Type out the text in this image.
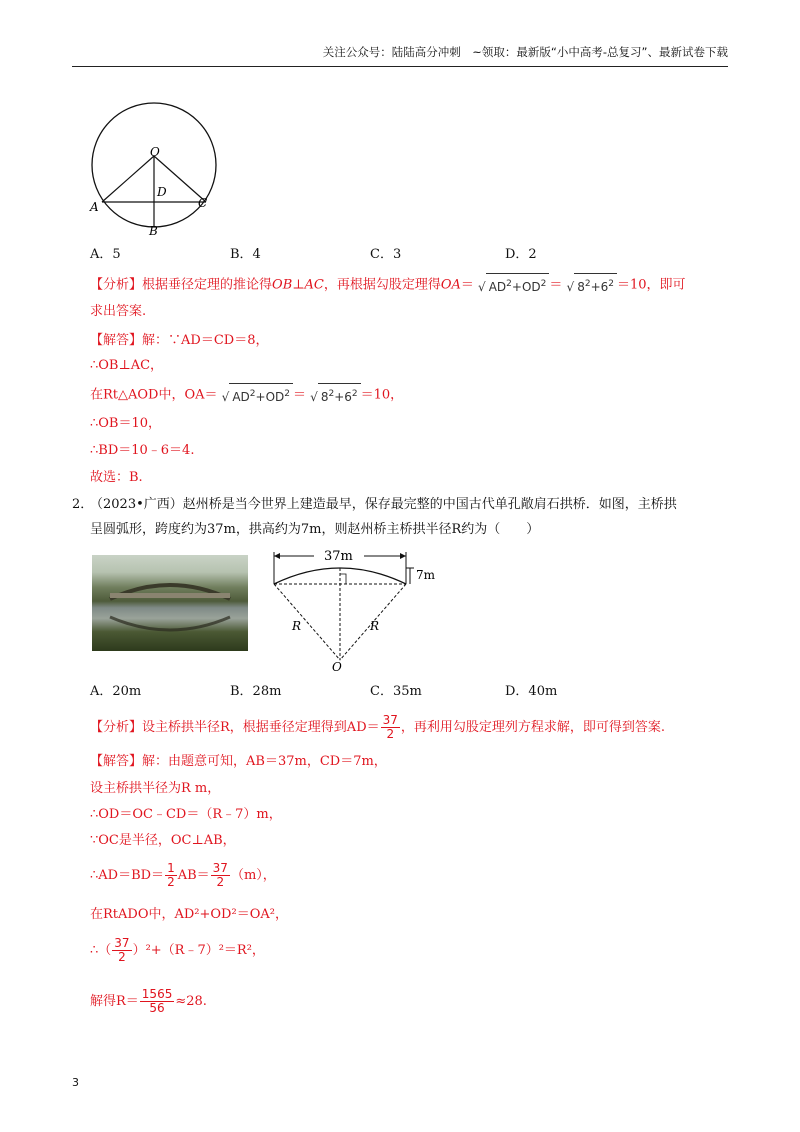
关注公众号：陆陆高分冲刺　~领取：最新版“小中高考-总复习”、最新试卷下载
O
D
A	C
B
A．5	B．4	C．3	D．2
【分析】根据垂径定理的推论得OB⊥AC，再根据勾股定理得OA＝ √ $AD^2+OD^2$ ＝ √ $8^2+6^2 =10$，即可
求出答案.
【解答】解：∵AD＝CD＝8，
∴OB⊥AC，
在Rt△AOD中，OA＝ √ $AD^2+OD^2$ ＝ √ $8^2+6^2 =10$，
∴OB＝10，
∴BD＝10﹣6＝4.
故选：B.
2．
（2023•广西）赵州桥是当今世界上建造最早，保存最完整的中国古代单孔敞肩石拱桥．如图，主桥拱
呈圆弧形，跨度约为37m，拱高约为7m，则赵州桥主桥拱半径R约为（　　）
37m
7m
R	R
O
A．20m	B．28m	C．35m	D．40m
【分析】设主桥拱半径R，根据垂径定理得到$AD= \frac{37}{2}$ ，再利用勾股定理列方程求解，即可得到答案.
【解答】解：由题意可知，AB＝37m，CD＝7m，
设主桥拱半径为R m，
∴OD＝OC﹣CD＝（R﹣7）m，
∵OC是半径，OC⊥AB，
∴AD＝BD＝ $\frac{1}{2} AB= \frac{37}{2} (m)$，
在RtADO中，AD²+OD²＝OA²，
∴（ $\frac{37}{2}$ ）²+（R﹣7）²＝R²，
解得$R= \frac{1565}{56} \approx 28$.
3
